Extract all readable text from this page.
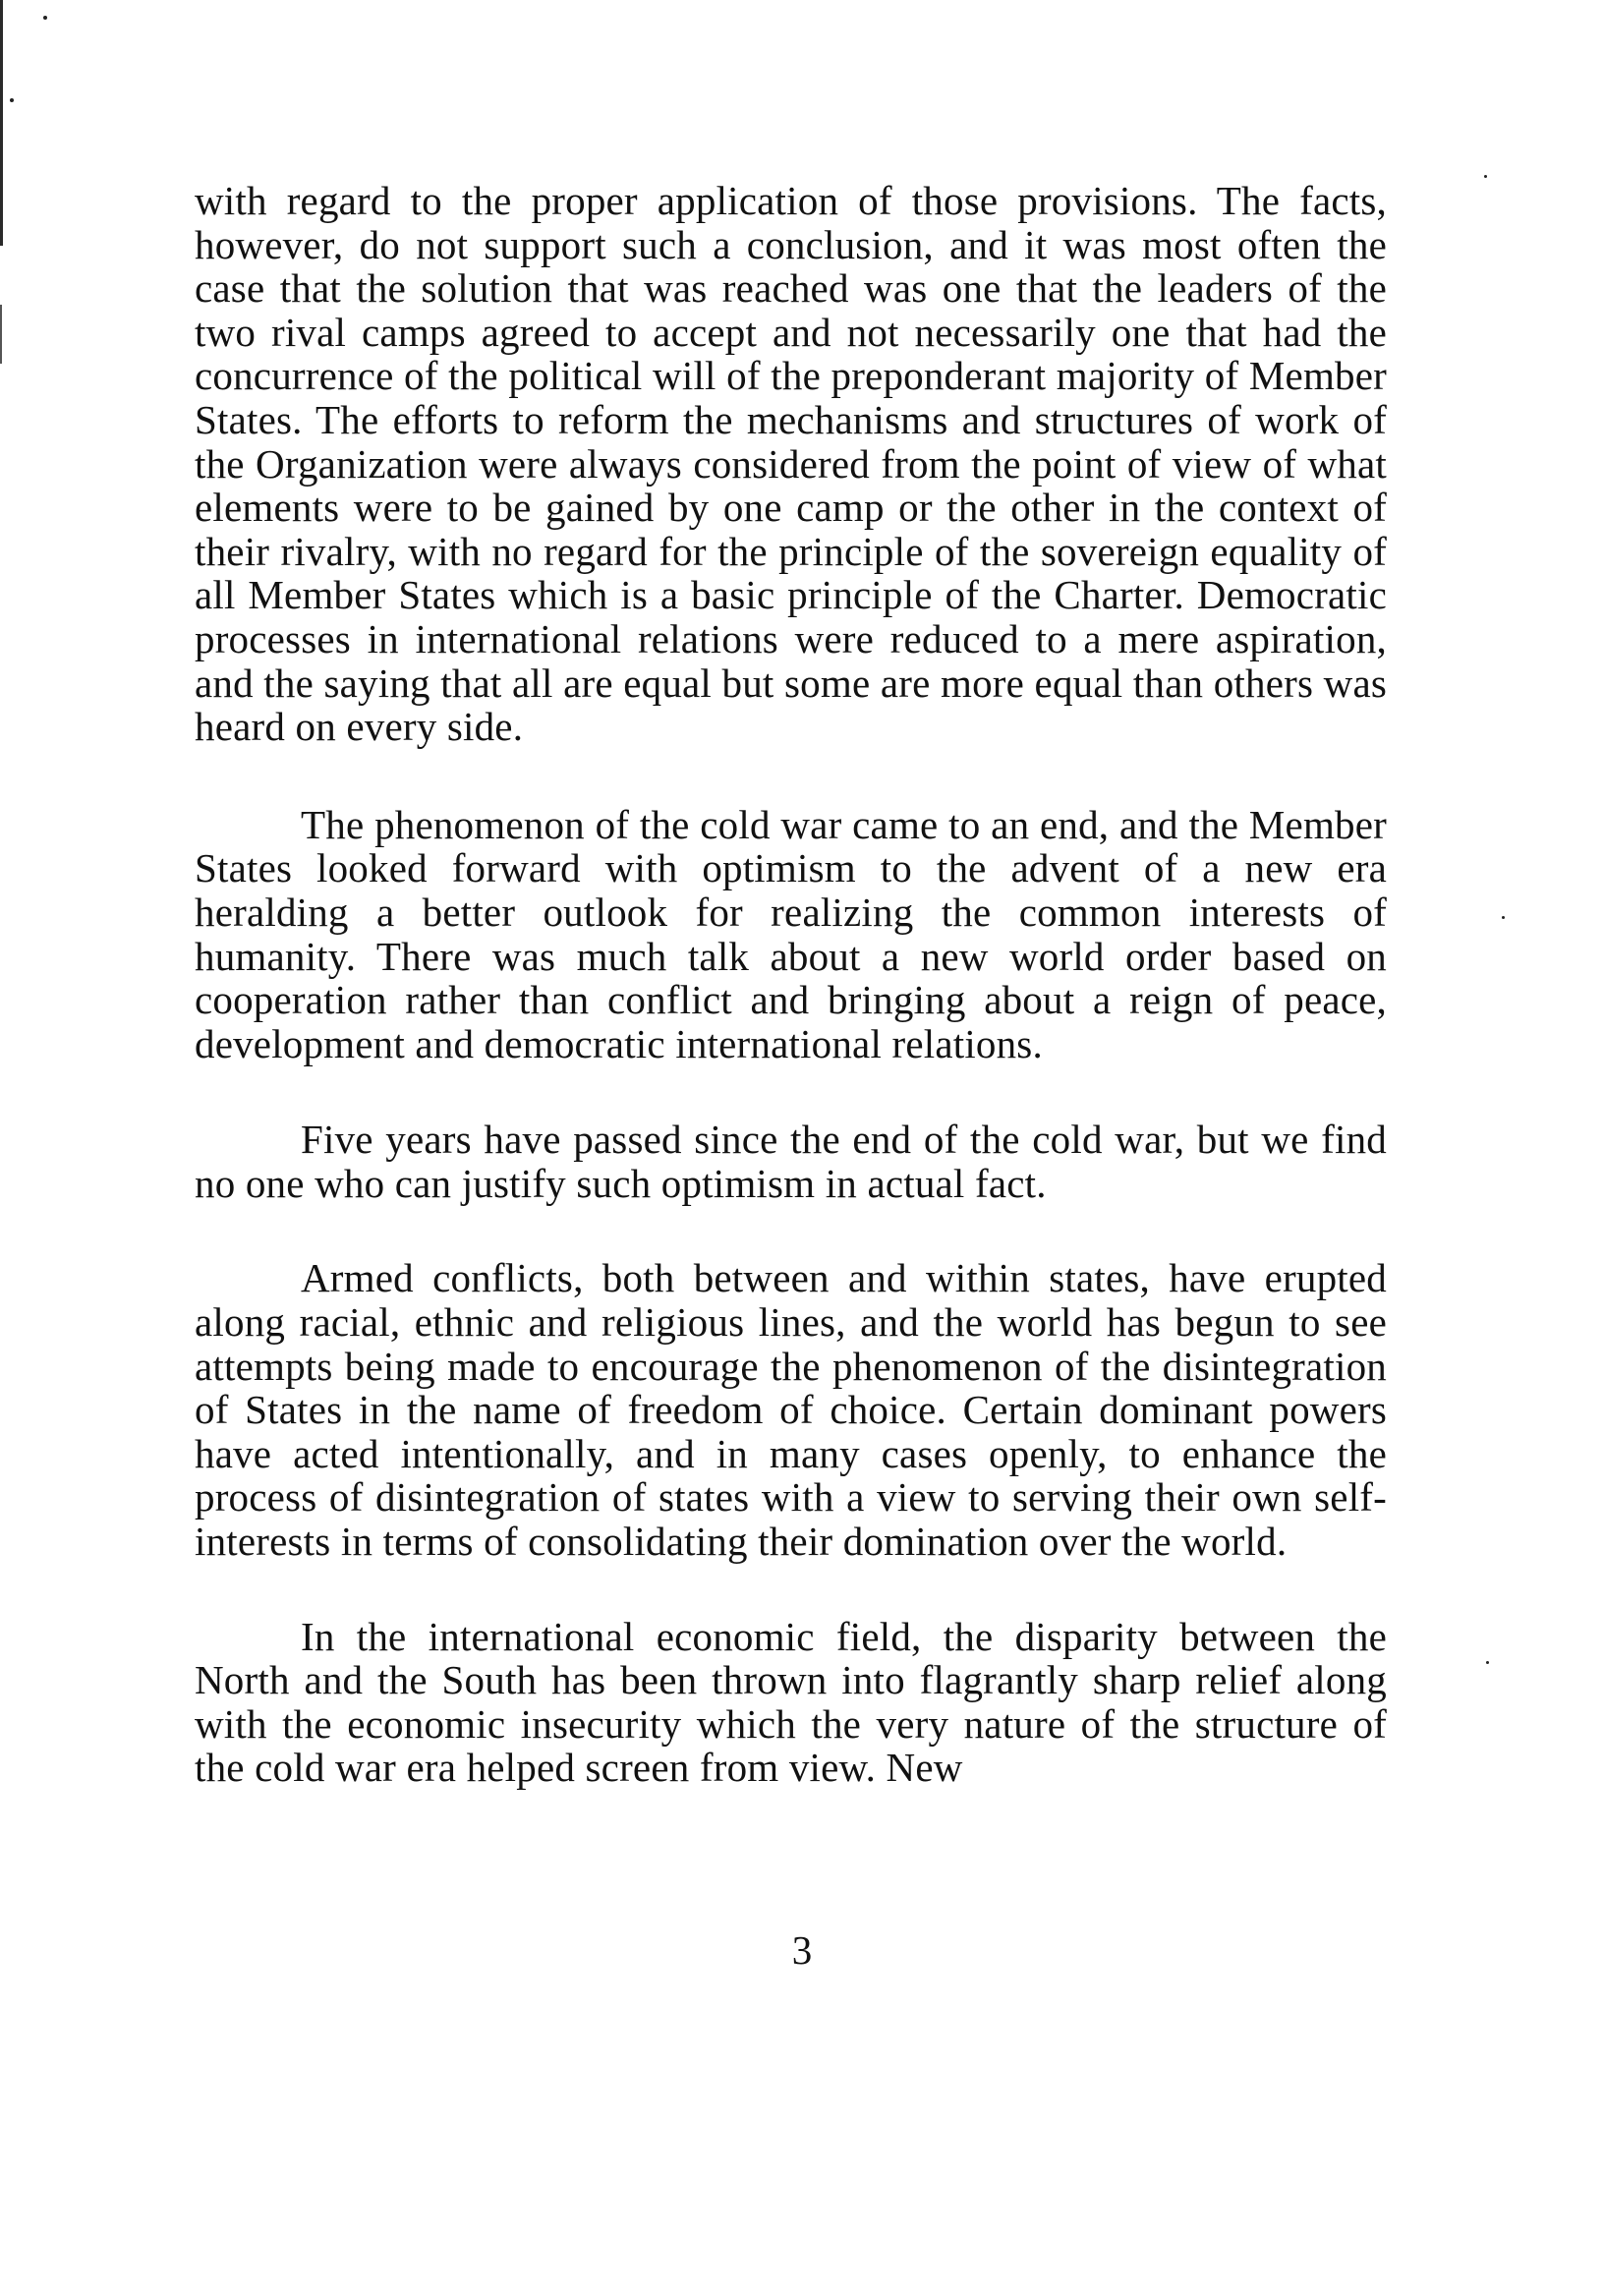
with regard to the proper application of those provisions. The facts, however, do not support such a conclusion, and it was most often the case that the solution that was reached was one that the leaders of the two rival camps agreed to accept and not necessarily one that had the concurrence of the political will of the preponderant majority of Member States. The efforts to reform the mechanisms and structures of work of the Organization were always considered from the point of view of what elements were to be gained by one camp or the other in the context of their rivalry, with no regard for the principle of the sovereign equality of all Member States which is a basic principle of the Charter. Democratic processes in international relations were reduced to a mere aspiration, and the saying that all are equal but some are more equal than others was heard on every side.

The phenomenon of the cold war came to an end, and the Member States looked forward with optimism to the advent of a new era heralding a better outlook for realizing the common interests of humanity. There was much talk about a new world order based on cooperation rather than conflict and bringing about a reign of peace, development and democratic international relations.

Five years have passed since the end of the cold war, but we find no one who can justify such optimism in actual fact.

Armed conflicts, both between and within states, have erupted along racial, ethnic and religious lines, and the world has begun to see attempts being made to encourage the phenomenon of the disintegration of States in the name of freedom of choice. Certain dominant powers have acted intentionally, and in many cases openly, to enhance the process of disintegration of states with a view to serving their own self-interests in terms of consolidating their domination over the world.

In the international economic field, the disparity between the North and the South has been thrown into flagrantly sharp relief along with the economic insecurity which the very nature of the structure of the cold war era helped screen from view. New

3
